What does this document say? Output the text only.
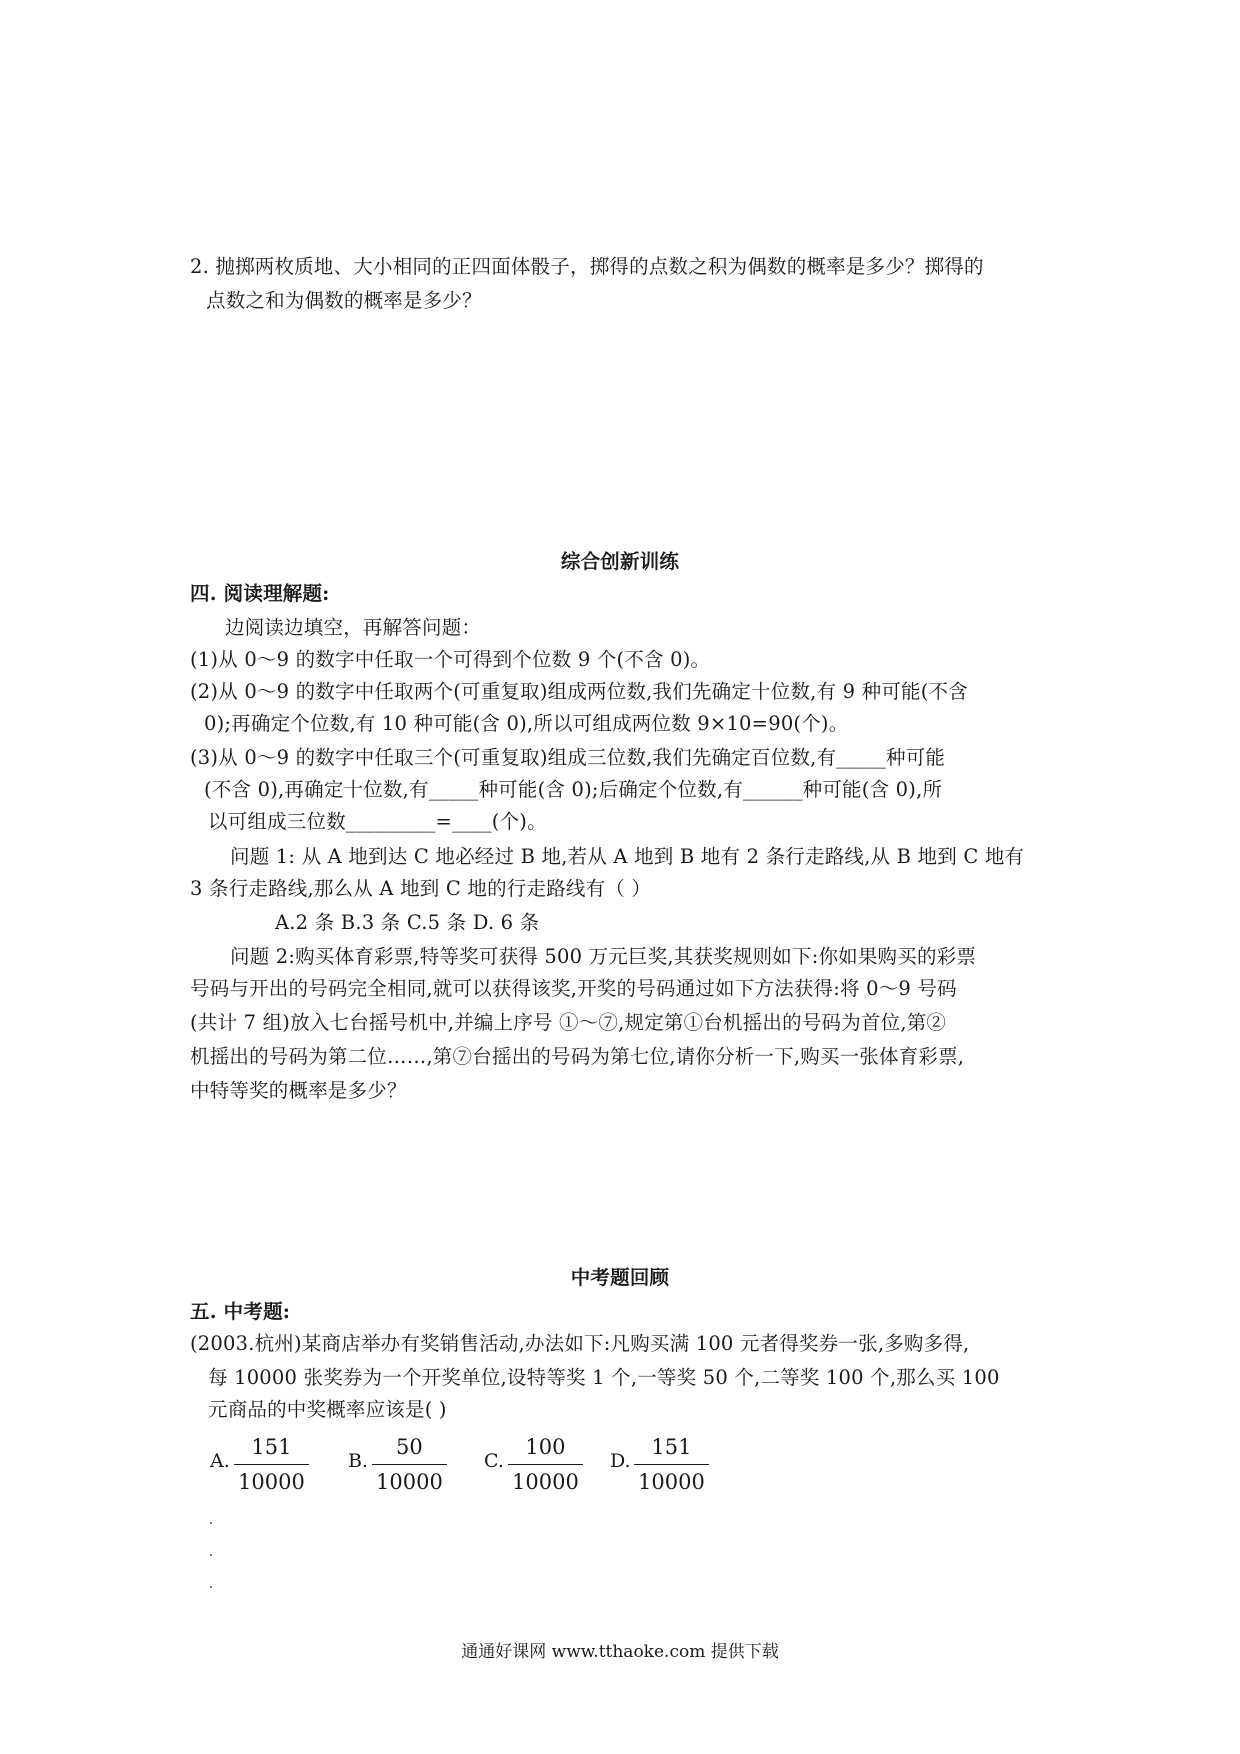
2. 抛掷两枚质地、大小相同的正四面体骰子，掷得的点数之积为偶数的概率是多少？掷得的
点数之和为偶数的概率是多少？
综合创新训练
四. 阅读理解题:
边阅读边填空，再解答问题：
(1)从 0～9 的数字中任取一个可得到个位数 9 个(不含 0)。
(2)从 0～9 的数字中任取两个(可重复取)组成两位数,我们先确定十位数,有 9 种可能(不含
0);再确定个位数,有 10 种可能(含 0),所以可组成两位数 9×10=90(个)。
(3)从 0～9 的数字中任取三个(可重复取)组成三位数,我们先确定百位数,有_____种可能
(不含 0),再确定十位数,有_____种可能(含 0);后确定个位数,有______种可能(含 0),所
以可组成三位数_________=____(个)。
问题 1: 从 A 地到达 C 地必经过 B 地,若从 A 地到 B 地有 2 条行走路线,从 B 地到 C 地有
3 条行走路线,那么从 A 地到 C 地的行走路线有（ ）
A.2 条 B.3 条 C.5 条 D. 6 条
问题 2:购买体育彩票,特等奖可获得 500 万元巨奖,其获奖规则如下:你如果购买的彩票
号码与开出的号码完全相同,就可以获得该奖,开奖的号码通过如下方法获得:将 0～9 号码
(共计 7 组)放入七台摇号机中,并编上序号 ①～⑦,规定第①台机摇出的号码为首位,第②
机摇出的号码为第二位……,第⑦台摇出的号码为第七位,请你分析一下,购买一张体育彩票,
中特等奖的概率是多少？
中考题回顾
五. 中考题:
(2003.杭州)某商店举办有奖销售活动,办法如下:凡购买满 100 元者得奖券一张,多购多得,
每 10000 张奖券为一个开奖单位,设特等奖 1 个,一等奖 50 个,二等奖 100 个,那么买 100
元商品的中奖概率应该是( )
A.
151
10000
B.
50
10000
C.
100
10000
D.
151
10000
通通好课网 www.tthaoke.com 提供下载
